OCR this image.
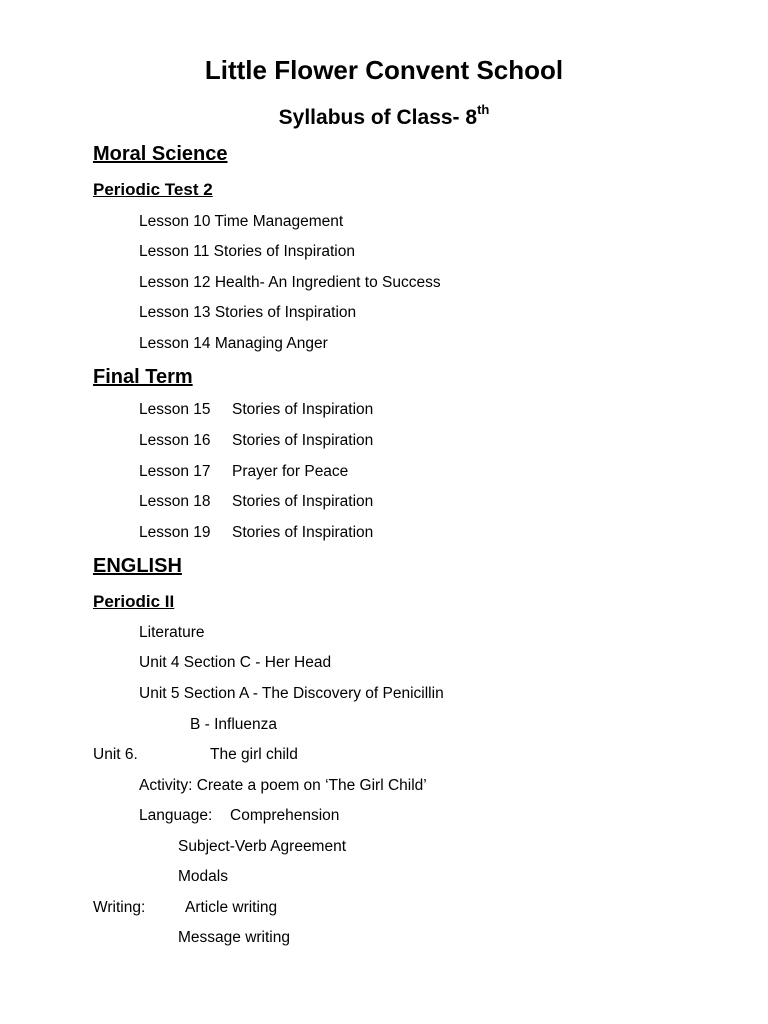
Little Flower Convent School
Syllabus of Class- 8th
Moral Science
Periodic Test 2
Lesson 10 Time Management
Lesson 11 Stories of Inspiration
Lesson 12 Health- An Ingredient to Success
Lesson 13 Stories of Inspiration
Lesson 14 Managing Anger
Final Term
Lesson 15 Stories of Inspiration
Lesson 16 Stories of Inspiration
Lesson 17 Prayer for Peace
Lesson 18 Stories of Inspiration
Lesson 19 Stories of Inspiration
ENGLISH
Periodic II
Literature
Unit 4 Section C - Her Head
Unit 5 Section A - The Discovery of Penicillin
B - Influenza
Unit 6.	The girl child
Activity: Create a poem on ‘The Girl Child’
Language: Comprehension
Subject-Verb Agreement
Modals
Writing:	Article writing
Message writing
